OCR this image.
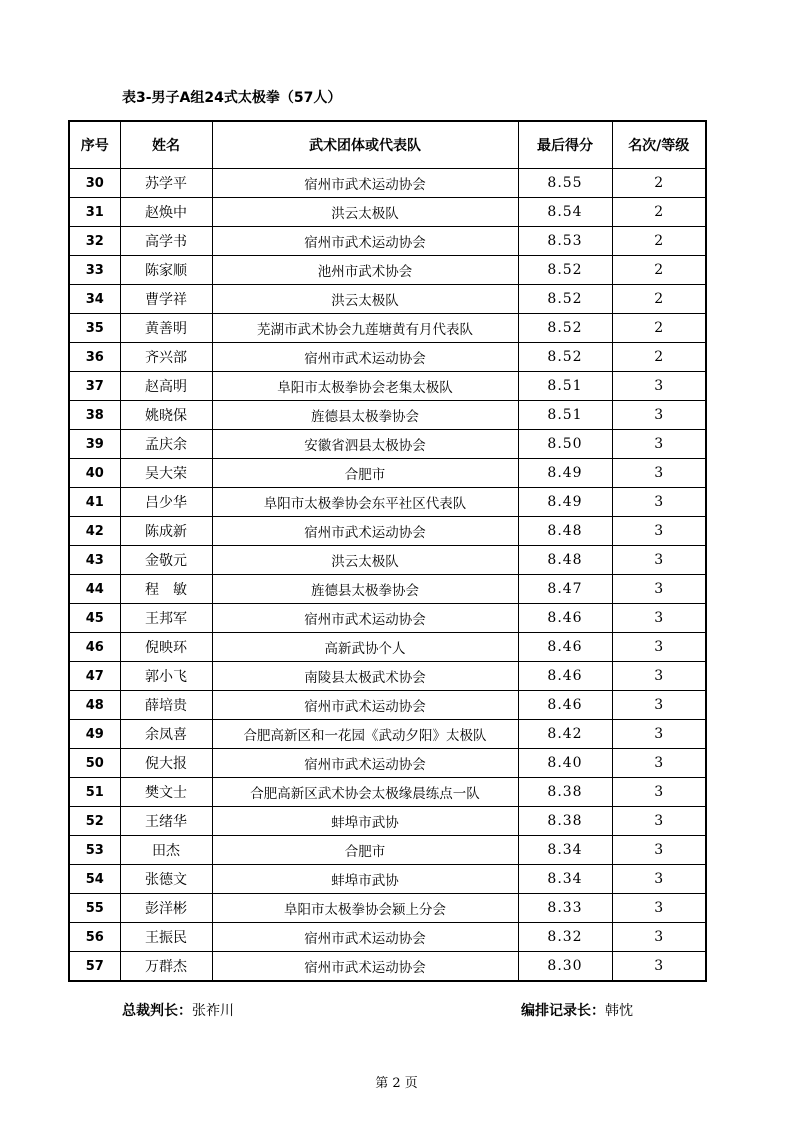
表3-男子A组24式太极拳（57人）
序号	姓名	武术团体或代表队	最后得分	名次/等级
30	苏学平	宿州市武术运动协会	8.55	2
31	赵焕中	洪云太极队	8.54	2
32	高学书	宿州市武术运动协会	8.53	2
33	陈家顺	池州市武术协会	8.52	2
34	曹学祥	洪云太极队	8.52	2
35	黄善明	芜湖市武术协会九莲塘黄有月代表队	8.52	2
36	齐兴部	宿州市武术运动协会	8.52	2
37	赵高明	阜阳市太极拳协会老集太极队	8.51	3
38	姚晓保	旌德县太极拳协会	8.51	3
39	孟庆余	安徽省泗县太极协会	8.50	3
40	吴大荣	合肥市	8.49	3
41	吕少华	阜阳市太极拳协会东平社区代表队	8.49	3
42	陈成新	宿州市武术运动协会	8.48	3
43	金敬元	洪云太极队	8.48	3
44	程　敏	旌德县太极拳协会	8.47	3
45	王邦军	宿州市武术运动协会	8.46	3
46	倪映环	高新武协个人	8.46	3
47	郭小飞	南陵县太极武术协会	8.46	3
48	薛培贵	宿州市武术运动协会	8.46	3
49	余凤喜	合肥高新区和一花园《武动夕阳》太极队	8.42	3
50	倪大报	宿州市武术运动协会	8.40	3
51	樊文士	合肥高新区武术协会太极缘晨练点一队	8.38	3
52	王绪华	蚌埠市武协	8.38	3
53	田杰	合肥市	8.34	3
54	张德文	蚌埠市武协	8.34	3
55	彭洋彬	阜阳市太极拳协会颍上分会	8.33	3
56	王振民	宿州市武术运动协会	8.32	3
57	万群杰	宿州市武术运动协会	8.30	3
总裁判长：张祚川	编排记录长：韩忱
第 2 页
